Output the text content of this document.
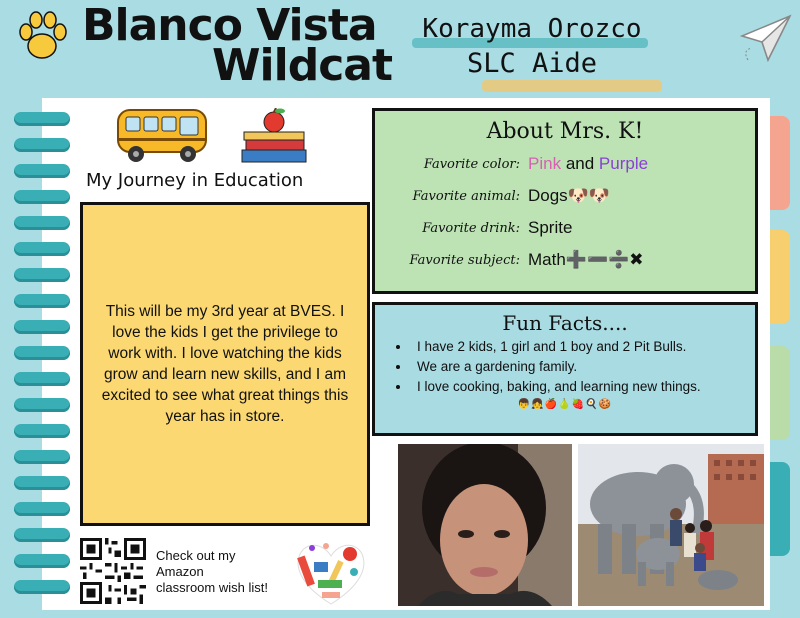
Blanco Vista
Wildcat
Korayma Orozco
SLC Aide
My Journey in Education

This will be my 3rd year at BVES. I love the kids I get the privilege to work with. I love watching the kids grow and learn new skills, and I am excited to see what great things this year has in store.

Check out my
Amazon
classroom wish list!
About Mrs. K!
Favorite color: Pink and Purple
Favorite animal: Dogs🐶🐶
Favorite drink: Sprite
Favorite subject: Math➕➖➗✖
Fun Facts....
• I have 2 kids, 1 girl and 1 boy and 2 Pit Bulls.
• We are a gardening family.
• I love cooking, baking, and learning new things.
👦👧🍎🍐🍓🍳🍪
